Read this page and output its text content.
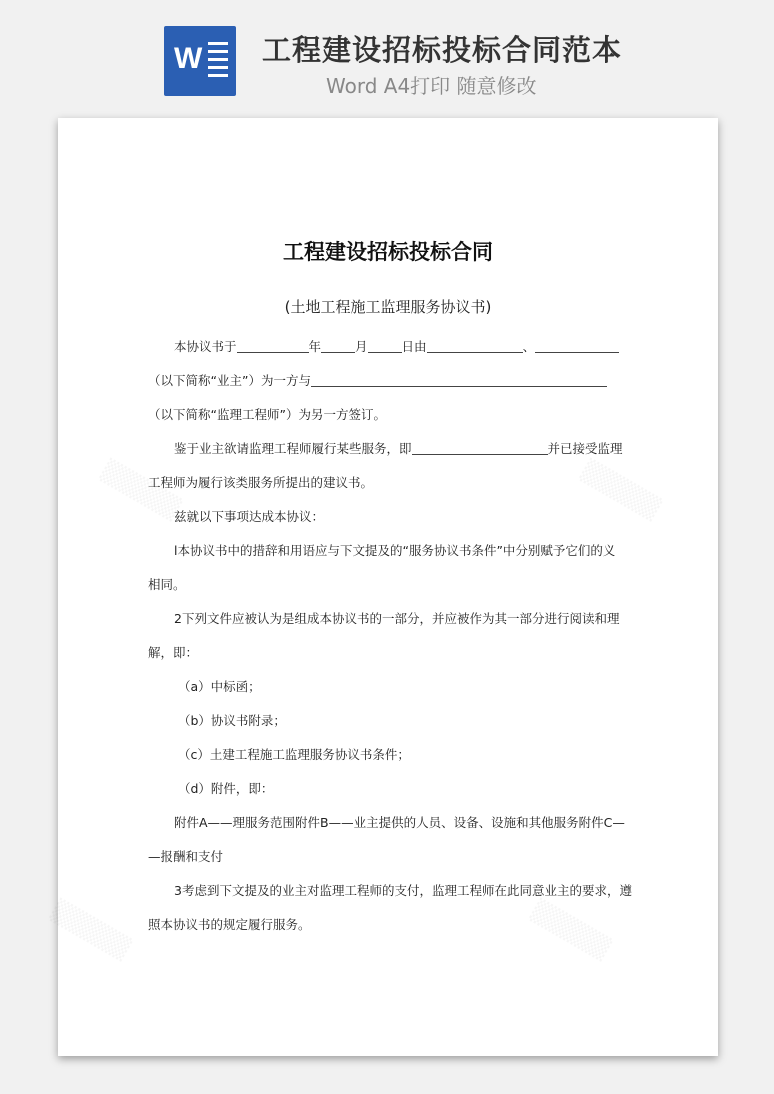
W 工程建设招标投标合同范本
Word A4打印 随意修改
工程建设招标投标合同
(土地工程施工监理服务协议书)
本协议书于	年	月	日由	、
（以下简称“业主”）为一方与
（以下简称“监理工程师”）为另一方签订。
鉴于业主欲请监理工程师履行某些服务，即	并已接受监理
工程师为履行该类服务所提出的建议书。
兹就以下事项达成本协议：
l本协议书中的措辞和用语应与下文提及的“服务协议书条件”中分别赋予它们的义
相同。
2下列文件应被认为是组成本协议书的一部分，并应被作为其一部分进行阅读和理
解，即：
（a）中标函；
（b）协议书附录；
（c）土建工程施工监理服务协议书条件；
（d）附件，即：
附件A——理服务范围附件B——业主提供的人员、设备、设施和其他服务附件C—
—报酬和支付
3考虑到下文提及的业主对监理工程师的支付，监理工程师在此同意业主的要求，遵
照本协议书的规定履行服务。
